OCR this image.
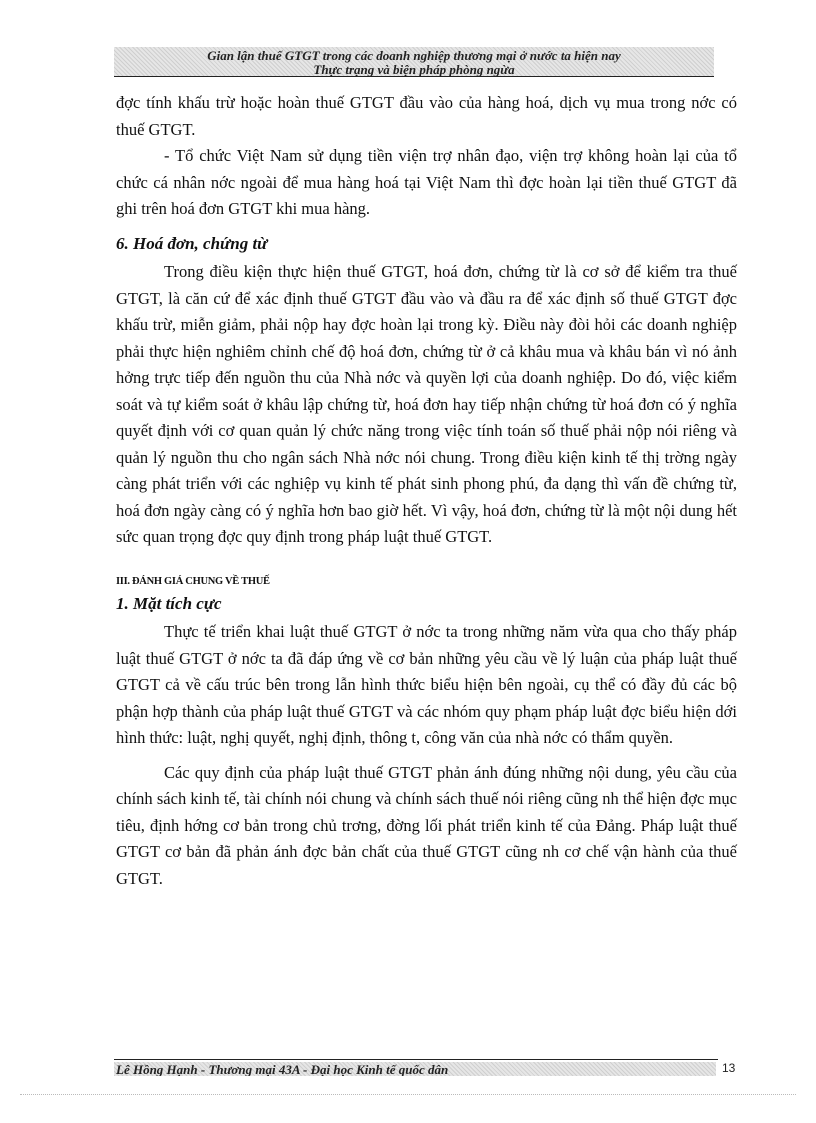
Gian lận thuế GTGT trong các doanh nghiệp thương mại ở nước ta hiện nay
Thực trạng và biện pháp phòng ngừa

đợc tính khấu trừ hoặc hoàn thuế GTGT đầu vào của hàng hoá, dịch vụ mua trong nớc có thuế GTGT.

- Tổ chức Việt Nam sử dụng tiền viện trợ nhân đạo, viện trợ không hoàn lại của tổ chức cá nhân nớc ngoài để mua hàng hoá tại Việt Nam thì đợc hoàn lại tiền thuế GTGT đã ghi trên hoá đơn GTGT khi mua hàng.

6. Hoá đơn, chứng từ

Trong điều kiện thực hiện thuế GTGT, hoá đơn, chứng từ là cơ sở để kiểm tra thuế GTGT, là căn cứ để xác định thuế GTGT đầu vào và đầu ra để xác định số thuế GTGT đợc khấu trừ, miễn giảm, phải nộp hay đợc hoàn lại trong kỳ. Điều này đòi hỏi các doanh nghiệp phải thực hiện nghiêm chỉnh chế độ hoá đơn, chứng từ ở cả khâu mua và khâu bán vì nó ảnh hởng trực tiếp đến nguồn thu của Nhà nớc và quyền lợi của doanh nghiệp. Do đó, việc kiểm soát và tự kiểm soát ở khâu lập chứng từ, hoá đơn hay tiếp nhận chứng từ hoá đơn có ý nghĩa quyết định với cơ quan quản lý chức năng trong việc tính toán số thuế phải nộp nói riêng và quản lý nguồn thu cho ngân sách Nhà nớc nói chung. Trong điều kiện kinh tế thị trờng ngày càng phát triển với các nghiệp vụ kinh tế phát sinh phong phú, đa dạng thì vấn đề chứng từ, hoá đơn ngày càng có ý nghĩa hơn bao giờ hết. Vì vậy, hoá đơn, chứng từ là một nội dung hết sức quan trọng đợc quy định trong pháp luật thuế GTGT.

III. ĐÁNH GIÁ CHUNG VỀ THUẾ
1. Mặt tích cực

Thực tế triển khai luật thuế GTGT ở nớc ta trong những năm vừa qua cho thấy pháp luật thuế GTGT ở nớc ta đã đáp ứng về cơ bản những yêu cầu về lý luận của pháp luật thuế GTGT cả về cấu trúc bên trong lẫn hình thức biểu hiện bên ngoài, cụ thể có đầy đủ các bộ phận hợp thành của pháp luật thuế GTGT và các nhóm quy phạm pháp luật đợc biểu hiện dới hình thức: luật, nghị quyết, nghị định, thông t, công văn của nhà nớc có thẩm quyền.

Các quy định của pháp luật thuế GTGT phản ánh đúng những nội dung, yêu cầu của chính sách kinh tế, tài chính nói chung và chính sách thuế nói riêng cũng nh thể hiện đợc mục tiêu, định hớng cơ bản trong chủ trơng, đờng lối phát triển kinh tế của Đảng. Pháp luật thuế GTGT cơ bản đã phản ánh đợc bản chất của thuế GTGT cũng nh cơ chế vận hành của thuế GTGT.

Lê Hồng Hạnh - Thương mại 43A - Đại học Kinh tế quốc dân	13
